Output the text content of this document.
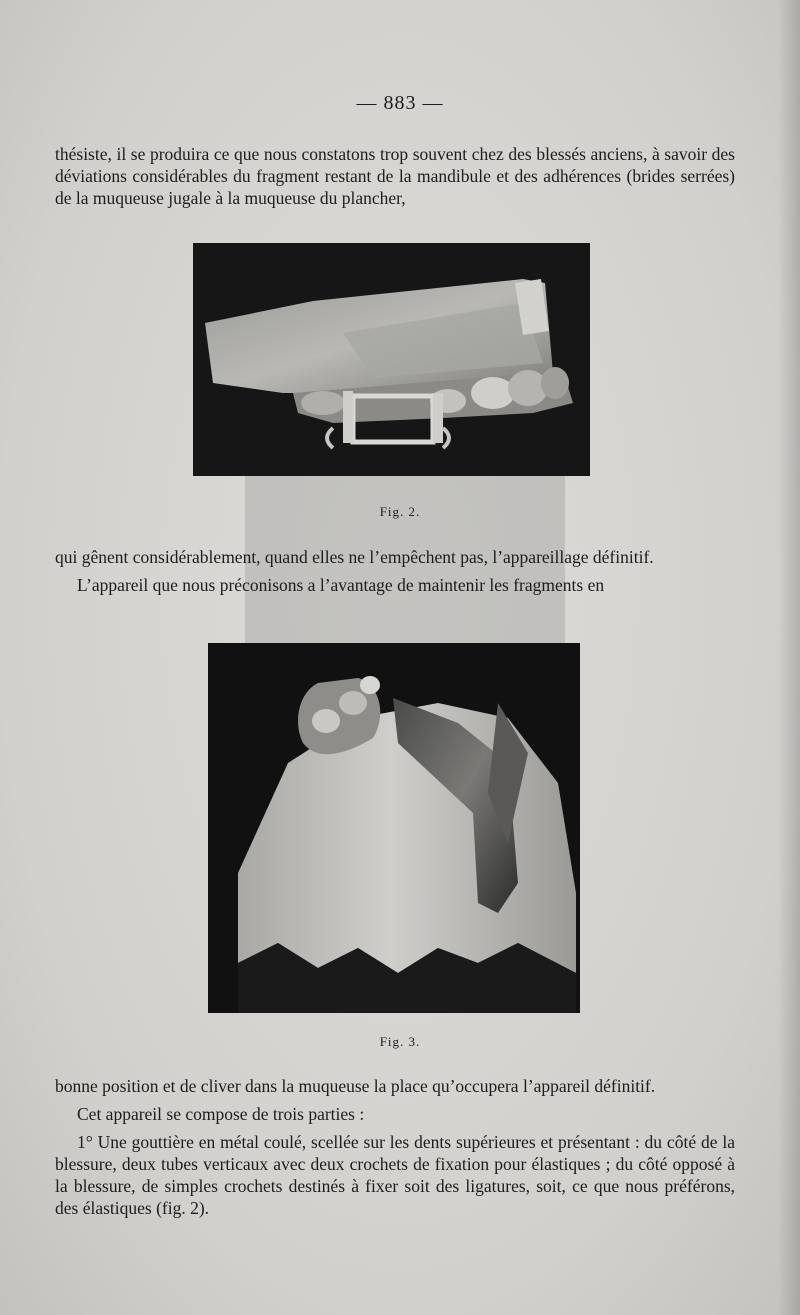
— 883 —

thésiste, il se produira ce que nous constatons trop souvent chez des blessés anciens, à savoir des déviations considérables du fragment restant de la mandibule et des adhérences (brides serrées) de la muqueuse jugale à la muqueuse du plancher,

Fig. 2.

qui gênent considérablement, quand elles ne l’empêchent pas, l’appareillage définitif.

L’appareil que nous préconisons a l’avantage de maintenir les fragments en

Fig. 3.

bonne position et de cliver dans la muqueuse la place qu’occupera l’appareil définitif.

Cet appareil se compose de trois parties :

1° Une gouttière en métal coulé, scellée sur les dents supérieures et présentant : du côté de la blessure, deux tubes verticaux avec deux crochets de fixation pour élastiques ; du côté opposé à la blessure, de simples crochets destinés à fixer soit des ligatures, soit, ce que nous préférons, des élastiques (fig. 2).
